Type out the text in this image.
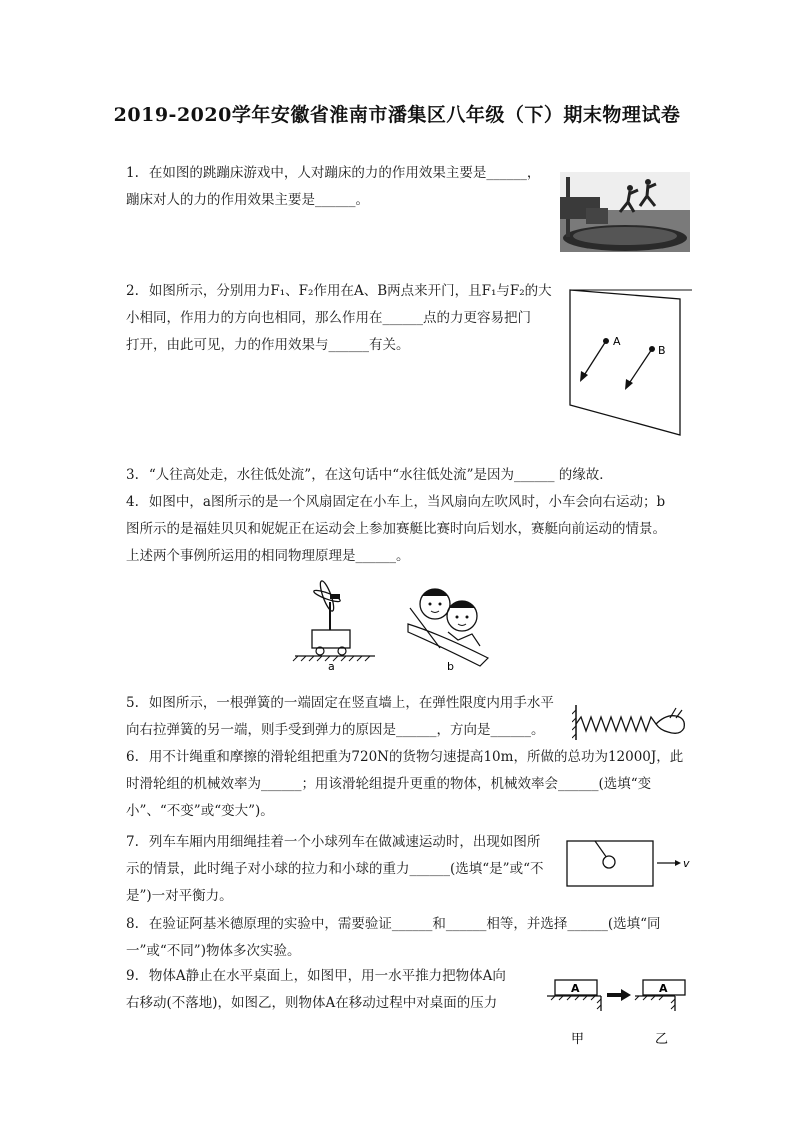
2019-2020学年安徽省淮南市潘集区八年级（下）期末物理试卷
1. 在如图的跳蹦床游戏中，人对蹦床的力的作用效果主要是______，
蹦床对人的力的作用效果主要是______。
2. 如图所示，分别用力F₁、F₂作用在A、B两点来开门，且F₁与F₂的大
小相同，作用力的方向也相同，那么作用在______点的力更容易把门
打开，由此可见，力的作用效果与______有关。	A
B
3. “人往高处走，水往低处流”，在这句话中“水往低处流”是因为______ 的缘故．
4. 如图中，a图所示的是一个风扇固定在小车上，当风扇向左吹风时，小车会向右运动；b
图所示的是福娃贝贝和妮妮正在运动会上参加赛艇比赛时向后划水，赛艇向前运动的情景。
上述两个事例所运用的相同物理原理是______。
a	b
5. 如图所示，一根弹簧的一端固定在竖直墙上，在弹性限度内用手水平
向右拉弹簧的另一端，则手受到弹力的原因是______，方向是______。
6. 用不计绳重和摩擦的滑轮组把重为720N的货物匀速提高10m，所做的总功为12000J，此
时滑轮组的机械效率为______；用该滑轮组提升更重的物体，机械效率会______(选填“变
小”、“不变”或“变大”)。
7. 列车车厢内用细绳挂着一个小球列车在做减速运动时，出现如图所
示的情景，此时绳子对小球的拉力和小球的重力______(选填“是”或“不
是”)一对平衡力。
v
8. 在验证阿基米德原理的实验中，需要验证______和______相等，并选择______(选填“同
一”或“不同”)物体多次实验。
9. 物体A静止在水平桌面上，如图甲，用一水平推力把物体A向
右移动(不落地)，如图乙，则物体A在移动过程中对桌面的压力
A	A
甲	乙
